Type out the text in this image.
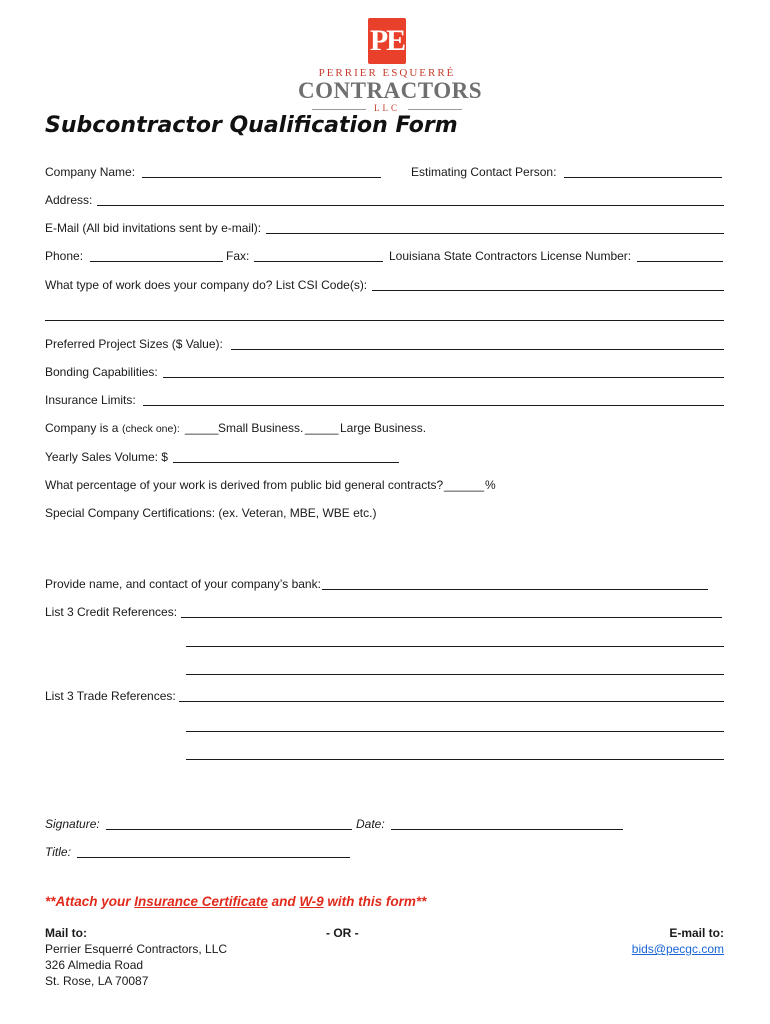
PE
PERRIER ESQUERRÉ
CONTRACTORS
LLC
Subcontractor Qualification Form
Company Name:	Estimating Contact Person:
Address:
E-Mail (All bid invitations sent by e-mail):
Phone:	Fax:	Louisiana State Contractors License Number:
What type of work does your company do? List CSI Code(s):
Preferred Project Sizes ($ Value):
Bonding Capabilities:
Insurance Limits:
Company is a (check one): _____ Small Business. _____ Large Business.
Yearly Sales Volume: $
What percentage of your work is derived from public bid general contracts? ______ %
Special Company Certifications: (ex. Veteran, MBE, WBE etc.)
Provide name, and contact of your company’s bank:
List 3 Credit References:
List 3 Trade References:
Signature:	Date:
Title:
**Attach your Insurance Certificate and W-9 with this form**
Mail to:
Perrier Esquerré Contractors, LLC
326 Almedia Road
St. Rose, LA 70087
- OR -	E-mail to:
bids@pecgc.com
